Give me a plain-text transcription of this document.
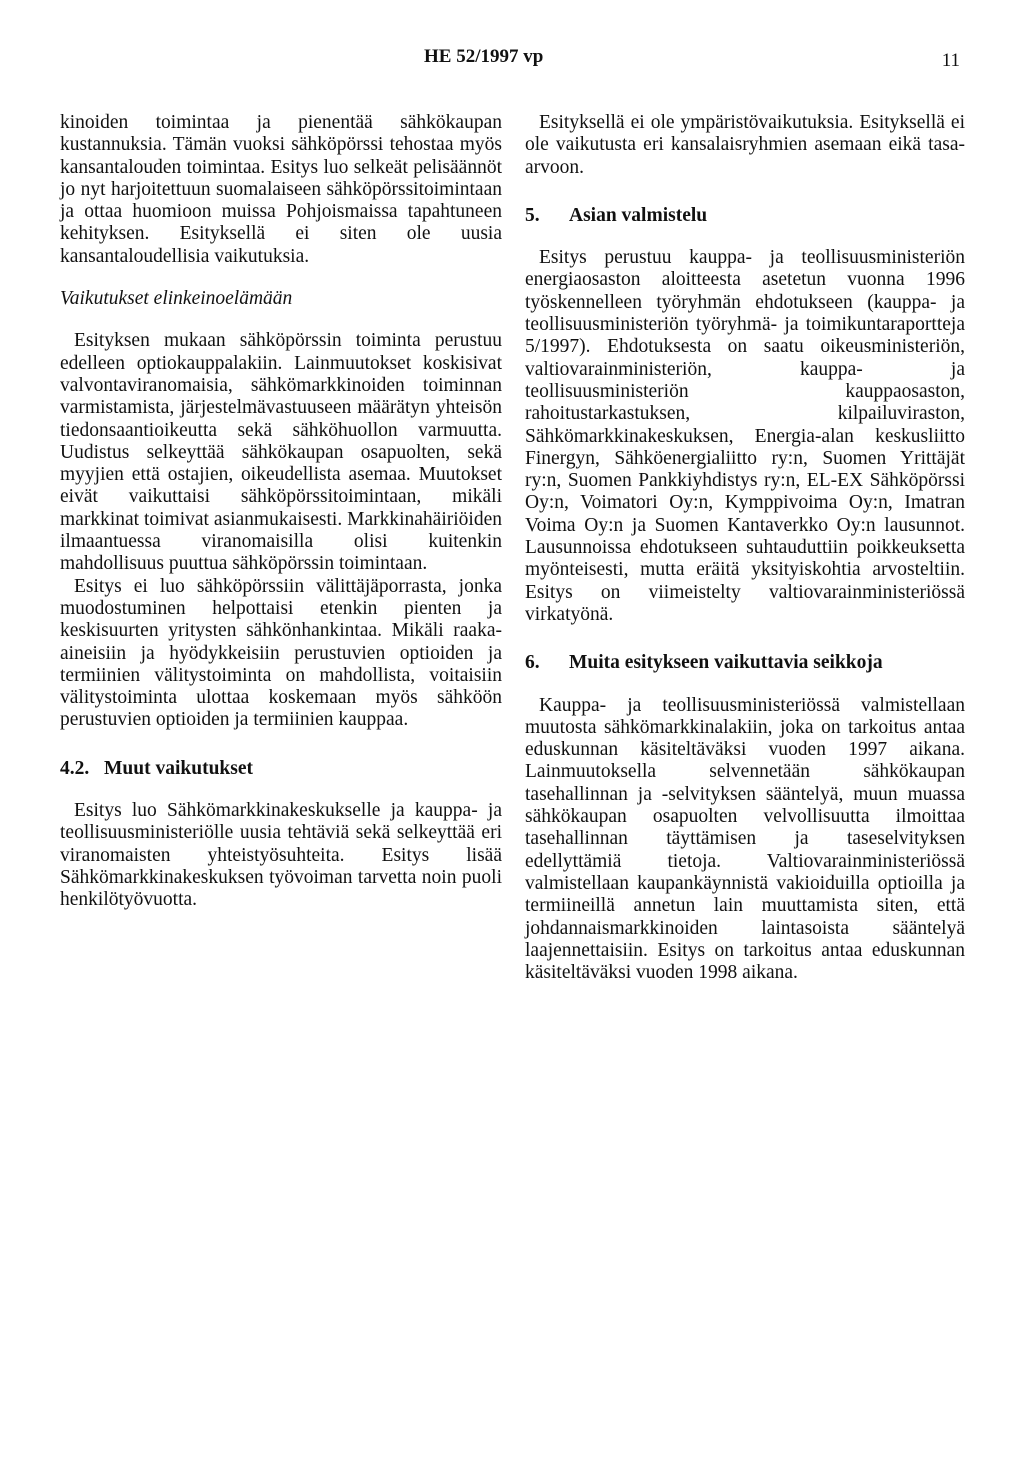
HE 52/1997 vp	11

kinoiden toimintaa ja pienentää sähkökaupan kustannuksia. Tämän vuoksi sähköpörssi tehostaa myös kansantalouden toimintaa. Esitys luo selkeät pelisäännöt jo nyt harjoitettuun suomalaiseen sähköpörssitoimintaan ja ottaa huomioon muissa Pohjoismaissa tapahtuneen kehityksen. Esityksellä ei siten ole uusia kansantaloudellisia vaikutuksia.

Vaikutukset elinkeinoelämään

Esityksen mukaan sähköpörssin toiminta perustuu edelleen optiokauppalakiin. Lainmuutokset koskisivat valvontaviranomaisia, sähkömarkkinoiden toiminnan varmistamista, järjestelmävastuuseen määrätyn yhteisön tiedonsaantioikeutta sekä sähköhuollon varmuutta. Uudistus selkeyttää sähkökaupan osapuolten, sekä myyjien että ostajien, oikeudellista asemaa. Muutokset eivät vaikuttaisi sähköpörssitoimintaan, mikäli markkinat toimivat asianmukaisesti. Markkinahäiriöiden ilmaantuessa viranomaisilla olisi kuitenkin mahdollisuus puuttua sähköpörssin toimintaan.

Esitys ei luo sähköpörssiin välittäjäporrasta, jonka muodostuminen helpottaisi etenkin pienten ja keskisuurten yritysten sähkönhankintaa. Mikäli raaka-aineisiin ja hyödykkeisiin perustuvien optioiden ja termiinien välitystoiminta on mahdollista, voitaisiin välitystoiminta ulottaa koskemaan myös sähköön perustuvien optioiden ja termiinien kauppaa.

4.2. Muut vaikutukset

Esitys luo Sähkömarkkinakeskukselle ja kauppa- ja teollisuusministeriölle uusia tehtäviä sekä selkeyttää eri viranomaisten yhteistyösuhteita. Esitys lisää Sähkömarkkinakeskuksen työvoiman tarvetta noin puoli henkilötyövuotta.

Esityksellä ei ole ympäristövaikutuksia. Esityksellä ei ole vaikutusta eri kansalaisryhmien asemaan eikä tasa-arvoon.

5.	Asian valmistelu

Esitys perustuu kauppa- ja teollisuusministeriön energiaosaston aloitteesta asetetun vuonna 1996 työskennelleen työryhmän ehdotukseen (kauppa- ja teollisuusministeriön työryhmä- ja toimikuntaraportteja 5/1997). Ehdotuksesta on saatu oikeusministeriön, valtiovarainministeriön, kauppa- ja teollisuusministeriön kauppaosaston, rahoitustarkastuksen, kilpailuviraston, Sähkömarkkinakeskuksen, Energia-alan keskusliitto Finergyn, Sähköenergialiitto ry:n, Suomen Yrittäjät ry:n, Suomen Pankkiyhdistys ry:n, EL-EX Sähköpörssi Oy:n, Voimatori Oy:n, Kymppivoima Oy:n, Imatran Voima Oy:n ja Suomen Kantaverkko Oy:n lausunnot. Lausunnoissa ehdotukseen suhtauduttiin poikkeuksetta myönteisesti, mutta eräitä yksityiskohtia arvosteltiin. Esitys on viimeistelty valtiovarainministeriössä virkatyönä.

6.	Muita esitykseen vaikuttavia seikkoja

Kauppa- ja teollisuusministeriössä valmistellaan muutosta sähkömarkkinalakiin, joka on tarkoitus antaa eduskunnan käsiteltäväksi vuoden 1997 aikana. Lainmuutoksella selvennetään sähkökaupan tasehallinnan ja -selvityksen sääntelyä, muun muassa sähkökaupan osapuolten velvollisuutta ilmoittaa tasehallinnan täyttämisen ja taseselvityksen edellyttämiä tietoja. Valtiovarainministeriössä valmistellaan kaupankäynnistä vakioiduilla optioilla ja termiineillä annetun lain muuttamista siten, että johdannaismarkkinoiden laintasoista sääntelyä laajennettaisiin. Esitys on tarkoitus antaa eduskunnan käsiteltäväksi vuoden 1998 aikana.
